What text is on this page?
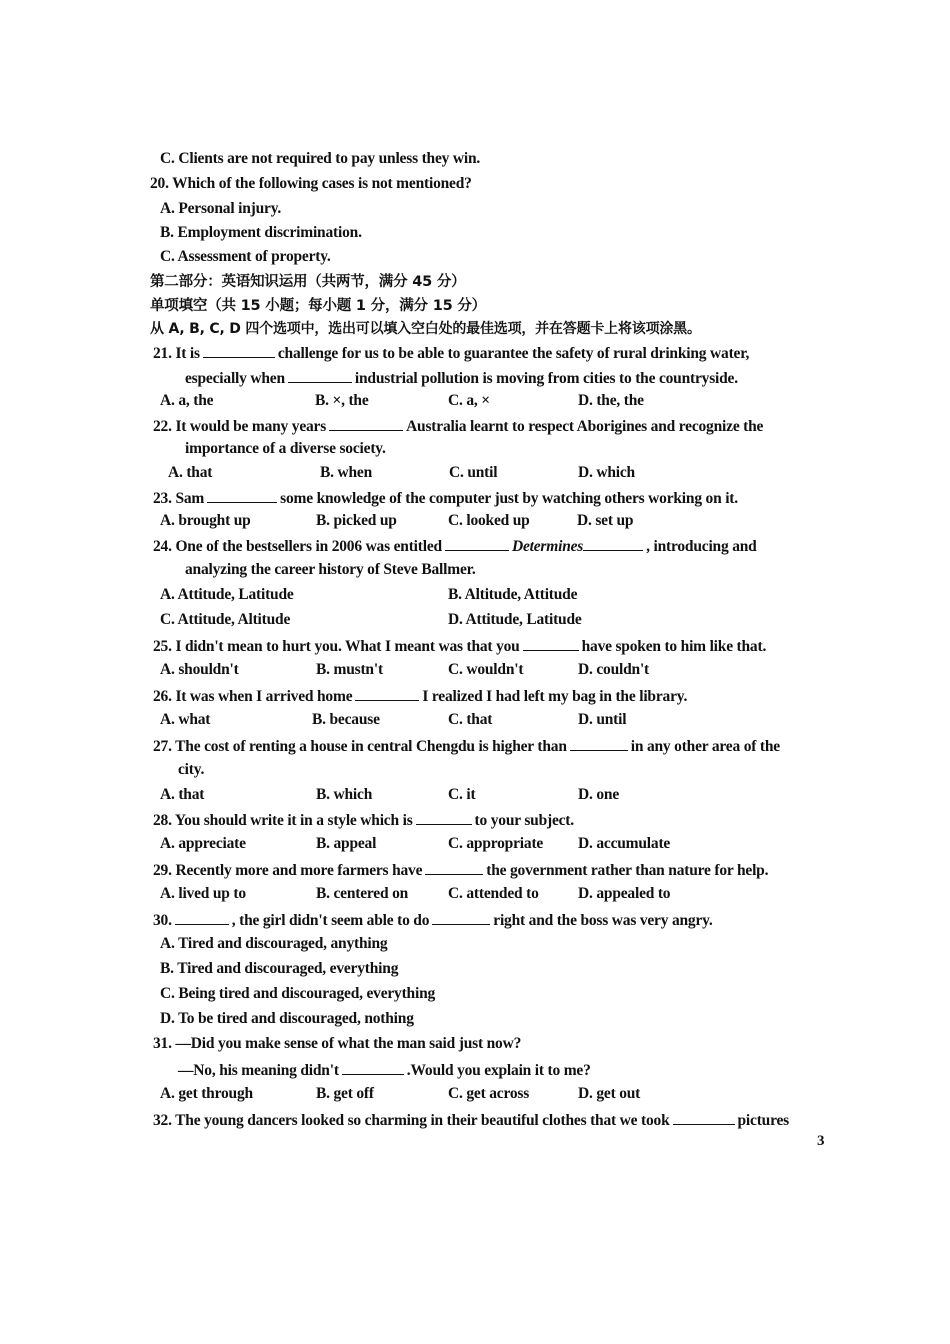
C. Clients are not required to pay unless they win.
20. Which of the following cases is not mentioned?
A. Personal injury.
B. Employment discrimination.
C. Assessment of property.
第二部分：英语知识运用（共两节，满分 45 分）
单项填空（共 15 小题；每小题 1 分，满分 15 分）
从 A, B, C, D 四个选项中，选出可以填入空白处的最佳选项，并在答题卡上将该项涂黑。
21. It is	challenge for us to be able to guarantee the safety of rural drinking water,
especially when	industrial pollution is moving from cities to the countryside.
A. a, the	B. ×, the	C. a, ×	D. the, the
22. It would be many years	Australia learnt to respect Aborigines and recognize the
importance of a diverse society.
A. that	B. when	C. until	D. which
23. Sam	some knowledge of the computer just by watching others working on it.
A. brought up	B. picked up	C. looked up	D. set up
24. One of the bestsellers in 2006 was entitled	Determines	, introducing and
analyzing the career history of Steve Ballmer.
A. Attitude, Latitude	B. Altitude, Attitude
C. Attitude, Altitude	D. Attitude, Latitude
25. I didn't mean to hurt you. What I meant was that you	have spoken to him like that.
A. shouldn't	B. mustn't	C. wouldn't	D. couldn't
26. It was when I arrived home	I realized I had left my bag in the library.
A. what	B. because	C. that	D. until
27. The cost of renting a house in central Chengdu is higher than	in any other area of the
city.
A. that	B. which	C. it	D. one
28. You should write it in a style which is	to your subject.
A. appreciate	B. appeal	C. appropriate D. accumulate
29. Recently more and more farmers have	the government rather than nature for help.
A. lived up to	B. centered on	C. attended to	D. appealed to
30.	, the girl didn't seem able to do	right and the boss was very angry.
A. Tired and discouraged, anything
B. Tired and discouraged, everything
C. Being tired and discouraged, everything
D. To be tired and discouraged, nothing
31. —Did you make sense of what the man said just now?
—No, his meaning didn't	.Would you explain it to me?
A. get through	B. get off	C. get across	D. get out
32. The young dancers looked so charming in their beautiful clothes that we took	pictures
3
